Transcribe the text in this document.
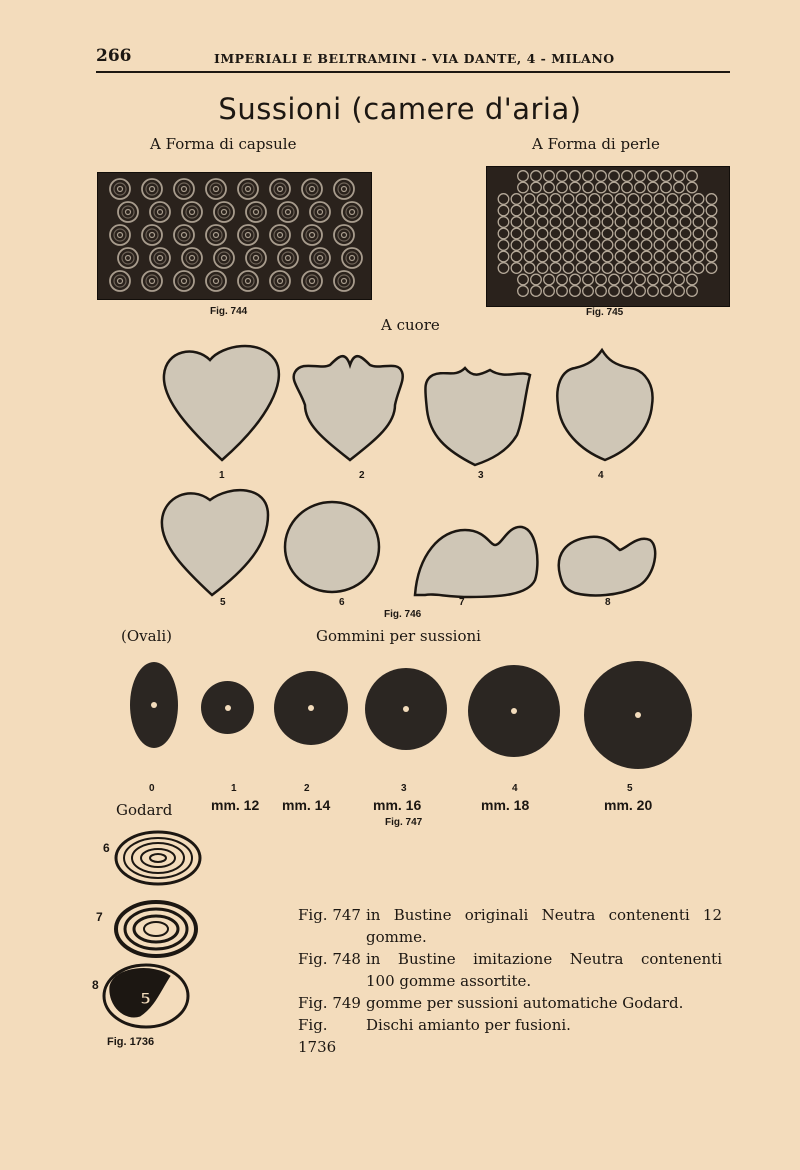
266	IMPERIALI E BELTRAMINI - VIA DANTE, 4 - MILANO
Sussioni (camere d'aria)
A Forma di capsule	A Forma di perle
Fig. 744	Fig. 745
A cuore
1	2	3	4
5	6	7	8
Fig. 746
(Ovali)	Gommini per sussioni
0	1	2	3	4	5
Godard	mm. 12 mm. 14	mm. 16	mm. 18	mm. 20
Fig. 747
5
6
7
8
Fig. 1736
Fig. 747 in Bustine originali Neutra contenenti 12
gomme.
Fig. 748 in Bustine imitazione Neutra contenenti
100 gomme assortite.
Fig. 749 gomme per sussioni automatiche Godard.
Fig. 1736
Dischi amianto per fusioni.
